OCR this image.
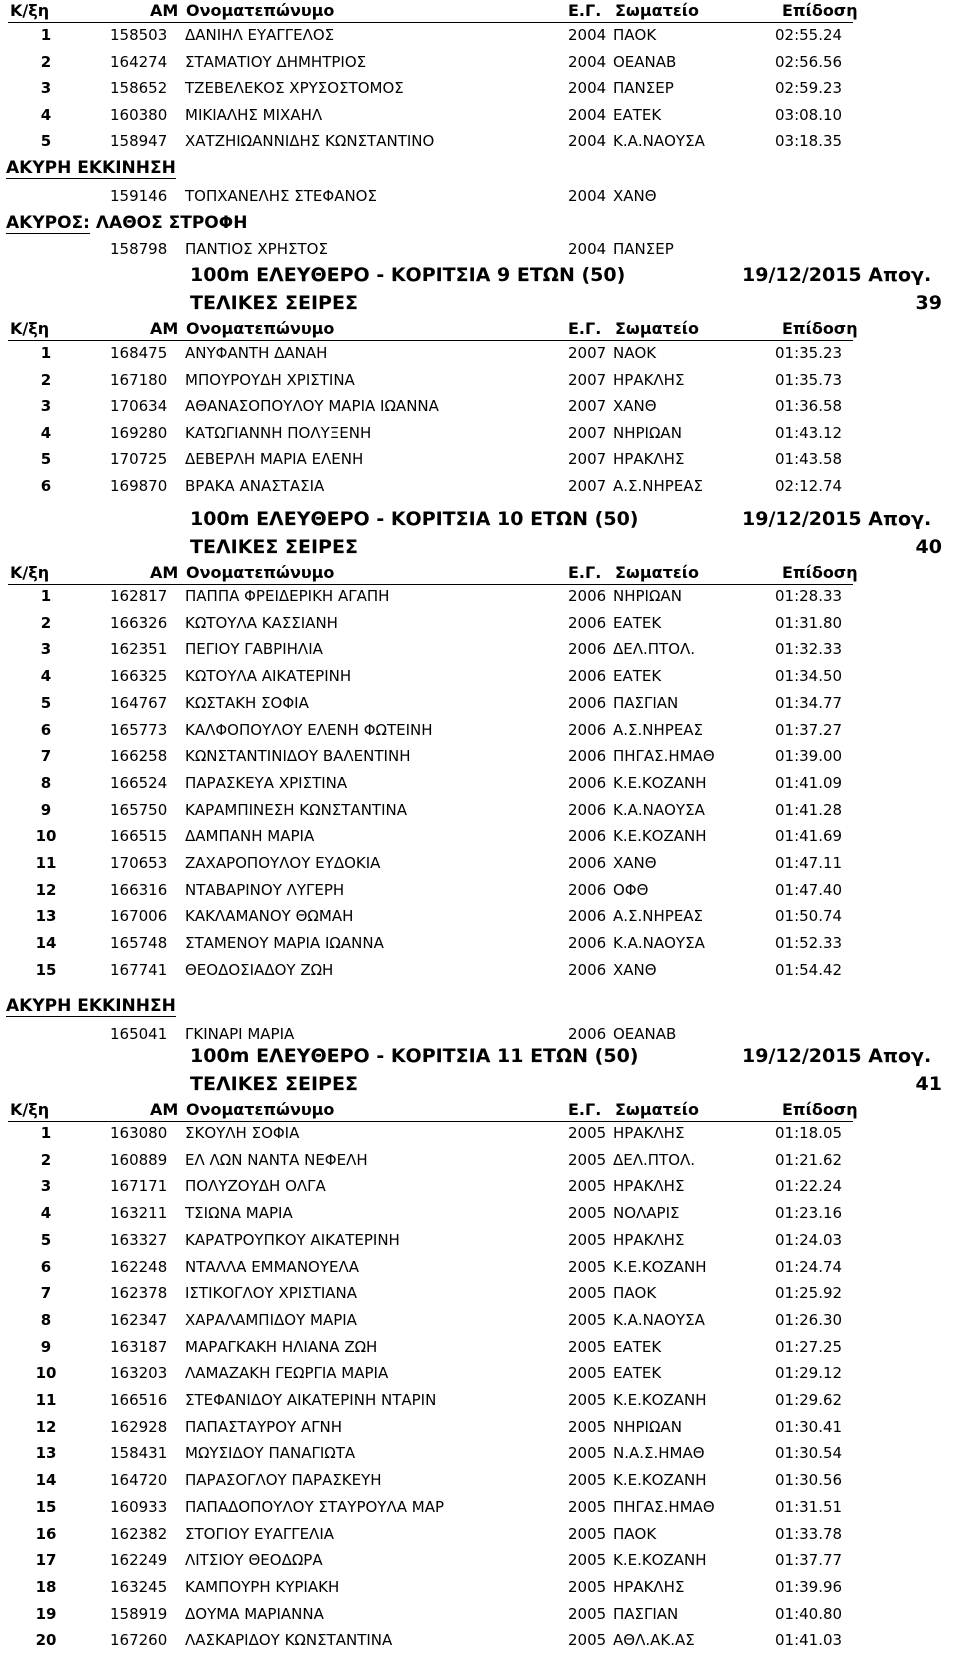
Κ/ξη	ΑΜ Ονοματεπώνυμο	Ε.Γ. Σωματείο	Επίδοση
1	158503 ΔΑΝΙΗΛ ΕΥΑΓΓΕΛΟΣ	2004 ΠΑΟΚ	02:55.24
2	164274 ΣΤΑΜΑΤΙΟΥ ΔΗΜΗΤΡΙΟΣ	2004 ΟΕΑΝΑΒ	02:56.56
3	158652 ΤΖΕΒΕΛΕΚΟΣ ΧΡΥΣΟΣΤΟΜΟΣ	2004 ΠΑΝΣΕΡ	02:59.23
4	160380 ΜΙΚΙΑΛΗΣ ΜΙΧΑΗΛ	2004 ΕΑΤΕΚ	03:08.10
5	158947 ΧΑΤΖΗΙΩΑΝΝΙΔΗΣ ΚΩΝΣΤΑΝΤΙΝΟ	2004 Κ.Α.ΝΑΟΥΣΑ	03:18.35
ΑΚΥΡΗ ΕΚΚΙΝΗΣΗ
159146 ΤΟΠΧΑΝΕΛΗΣ ΣΤΕΦΑΝΟΣ	2004 ΧΑΝΘ
ΑΚΥΡΟΣ: ΛΑΘΟΣ ΣΤΡΟΦΗ
158798 ΠΑΝΤΙΟΣ ΧΡΗΣΤΟΣ	2004 ΠΑΝΣΕΡ
100m ΕΛΕΥΘΕΡΟ - ΚΟΡΙΤΣΙΑ 9 ΕΤΩΝ (50)	19/12/2015 Απογ.
ΤΕΛΙΚΕΣ ΣΕΙΡΕΣ	39
Κ/ξη	ΑΜ Ονοματεπώνυμο	Ε.Γ. Σωματείο	Επίδοση
1	168475 ΑΝΥΦΑΝΤΗ ΔΑΝΑΗ	2007 ΝΑΟΚ	01:35.23
2	167180 ΜΠΟΥΡΟΥΔΗ ΧΡΙΣΤΙΝΑ	2007 ΗΡΑΚΛΗΣ	01:35.73
3	170634 ΑΘΑΝΑΣΟΠΟΥΛΟΥ ΜΑΡΙΑ ΙΩΑΝΝΑ	2007 ΧΑΝΘ	01:36.58
4	169280 ΚΑΤΩΓΙΑΝΝΗ ΠΟΛΥΞΕΝΗ	2007 ΝΗΡΙΩΑΝ	01:43.12
5	170725 ΔΕΒΕΡΛΗ ΜΑΡΙΑ ΕΛΕΝΗ	2007 ΗΡΑΚΛΗΣ	01:43.58
6	169870 ΒΡΑΚΑ ΑΝΑΣΤΑΣΙΑ	2007 Α.Σ.ΝΗΡΕΑΣ	02:12.74
100m ΕΛΕΥΘΕΡΟ - ΚΟΡΙΤΣΙΑ 10 ΕΤΩΝ (50)	19/12/2015 Απογ.
ΤΕΛΙΚΕΣ ΣΕΙΡΕΣ	40
Κ/ξη	ΑΜ Ονοματεπώνυμο	Ε.Γ. Σωματείο	Επίδοση
1	162817 ΠΑΠΠΑ ΦΡΕΙΔΕΡΙΚΗ ΑΓΑΠΗ	2006 ΝΗΡΙΩΑΝ	01:28.33
2	166326 ΚΩΤΟΥΛΑ ΚΑΣΣΙΑΝΗ	2006 ΕΑΤΕΚ	01:31.80
3	162351 ΠΕΓΙΟΥ ΓΑΒΡΙΗΛΙΑ	2006 ΔΕΛ.ΠΤΟΛ.	01:32.33
4	166325 ΚΩΤΟΥΛΑ ΑΙΚΑΤΕΡΙΝΗ	2006 ΕΑΤΕΚ	01:34.50
5	164767 ΚΩΣΤΑΚΗ ΣΟΦΙΑ	2006 ΠΑΣΓΙΑΝ	01:34.77
6	165773 ΚΑΛΦΟΠΟΥΛΟΥ ΕΛΕΝΗ ΦΩΤΕΙΝΗ	2006 Α.Σ.ΝΗΡΕΑΣ	01:37.27
7	166258 ΚΩΝΣΤΑΝΤΙΝΙΔΟΥ ΒΑΛΕΝΤΙΝΗ	2006 ΠΗΓΑΣ.ΗΜΑΘ	01:39.00
8	166524 ΠΑΡΑΣΚΕΥΑ ΧΡΙΣΤΙΝΑ	2006 Κ.Ε.ΚΟΖΑΝΗ	01:41.09
9	165750 ΚΑΡΑΜΠΙΝΕΣΗ ΚΩΝΣΤΑΝΤΙΝΑ	2006 Κ.Α.ΝΑΟΥΣΑ	01:41.28
10	166515 ΔΑΜΠΑΝΗ ΜΑΡΙΑ	2006 Κ.Ε.ΚΟΖΑΝΗ	01:41.69
11	170653 ΖΑΧΑΡΟΠΟΥΛΟΥ ΕΥΔΟΚΙΑ	2006 ΧΑΝΘ	01:47.11
12	166316 ΝΤΑΒΑΡΙΝΟΥ ΛΥΓΕΡΗ	2006 ΟΦΘ	01:47.40
13	167006 ΚΑΚΛΑΜΑΝΟΥ ΘΩΜΑΗ	2006 Α.Σ.ΝΗΡΕΑΣ	01:50.74
14	165748 ΣΤΑΜΕΝΟΥ ΜΑΡΙΑ ΙΩΑΝΝΑ	2006 Κ.Α.ΝΑΟΥΣΑ	01:52.33
15	167741 ΘΕΟΔΟΣΙΑΔΟΥ ΖΩΗ	2006 ΧΑΝΘ	01:54.42
ΑΚΥΡΗ ΕΚΚΙΝΗΣΗ
165041 ΓΚΙΝΑΡΙ ΜΑΡΙΑ	2006 ΟΕΑΝΑΒ
100m ΕΛΕΥΘΕΡΟ - ΚΟΡΙΤΣΙΑ 11 ΕΤΩΝ (50)	19/12/2015 Απογ.
ΤΕΛΙΚΕΣ ΣΕΙΡΕΣ	41
Κ/ξη	ΑΜ Ονοματεπώνυμο	Ε.Γ. Σωματείο	Επίδοση
1	163080 ΣΚΟΥΛΗ ΣΟΦΙΑ	2005 ΗΡΑΚΛΗΣ	01:18.05
2	160889 ΕΛ ΛΩΝ ΝΑΝΤΑ ΝΕΦΕΛΗ	2005 ΔΕΛ.ΠΤΟΛ.	01:21.62
3	167171 ΠΟΛΥΖΟΥΔΗ ΟΛΓΑ	2005 ΗΡΑΚΛΗΣ	01:22.24
4	163211 ΤΣΙΩΝΑ ΜΑΡΙΑ	2005 ΝΟΛΑΡΙΣ	01:23.16
5	163327 ΚΑΡΑΤΡΟΥΠΚΟΥ ΑΙΚΑΤΕΡΙΝΗ	2005 ΗΡΑΚΛΗΣ	01:24.03
6	162248 ΝΤΑΛΛΑ ΕΜΜΑΝΟΥΕΛΑ	2005 Κ.Ε.ΚΟΖΑΝΗ	01:24.74
7	162378 ΙΣΤΙΚΟΓΛΟΥ ΧΡΙΣΤΙΑΝΑ	2005 ΠΑΟΚ	01:25.92
8	162347 ΧΑΡΑΛΑΜΠΙΔΟΥ ΜΑΡΙΑ	2005 Κ.Α.ΝΑΟΥΣΑ	01:26.30
9	163187 ΜΑΡΑΓΚΑΚΗ ΗΛΙΑΝΑ ΖΩΗ	2005 ΕΑΤΕΚ	01:27.25
10	163203 ΛΑΜΑΖΑΚΗ ΓΕΩΡΓΙΑ ΜΑΡΙΑ	2005 ΕΑΤΕΚ	01:29.12
11	166516 ΣΤΕΦΑΝΙΔΟΥ ΑΙΚΑΤΕΡΙΝΗ ΝΤΑΡΙΝ	2005 Κ.Ε.ΚΟΖΑΝΗ	01:29.62
12	162928 ΠΑΠΑΣΤΑΥΡΟΥ ΑΓΝΗ	2005 ΝΗΡΙΩΑΝ	01:30.41
13	158431 ΜΩΥΣΙΔΟΥ ΠΑΝΑΓΙΩΤΑ	2005 Ν.Α.Σ.ΗΜΑΘ	01:30.54
14	164720 ΠΑΡΑΣΟΓΛΟΥ ΠΑΡΑΣΚΕΥΗ	2005 Κ.Ε.ΚΟΖΑΝΗ	01:30.56
15	160933 ΠΑΠΑΔΟΠΟΥΛΟΥ ΣΤΑΥΡΟΥΛΑ ΜΑΡ	2005 ΠΗΓΑΣ.ΗΜΑΘ	01:31.51
16	162382 ΣΤΟΓΙΟΥ ΕΥΑΓΓΕΛΙΑ	2005 ΠΑΟΚ	01:33.78
17	162249 ΛΙΤΣΙΟΥ ΘΕΟΔΩΡΑ	2005 Κ.Ε.ΚΟΖΑΝΗ	01:37.77
18	163245 ΚΑΜΠΟΥΡΗ ΚΥΡΙΑΚΗ	2005 ΗΡΑΚΛΗΣ	01:39.96
19	158919 ΔΟΥΜΑ ΜΑΡΙΑΝΝΑ	2005 ΠΑΣΓΙΑΝ	01:40.80
20	167260 ΛΑΣΚΑΡΙΔΟΥ ΚΩΝΣΤΑΝΤΙΝΑ	2005 ΑΘΛ.ΑΚ.ΑΣ	01:41.03
